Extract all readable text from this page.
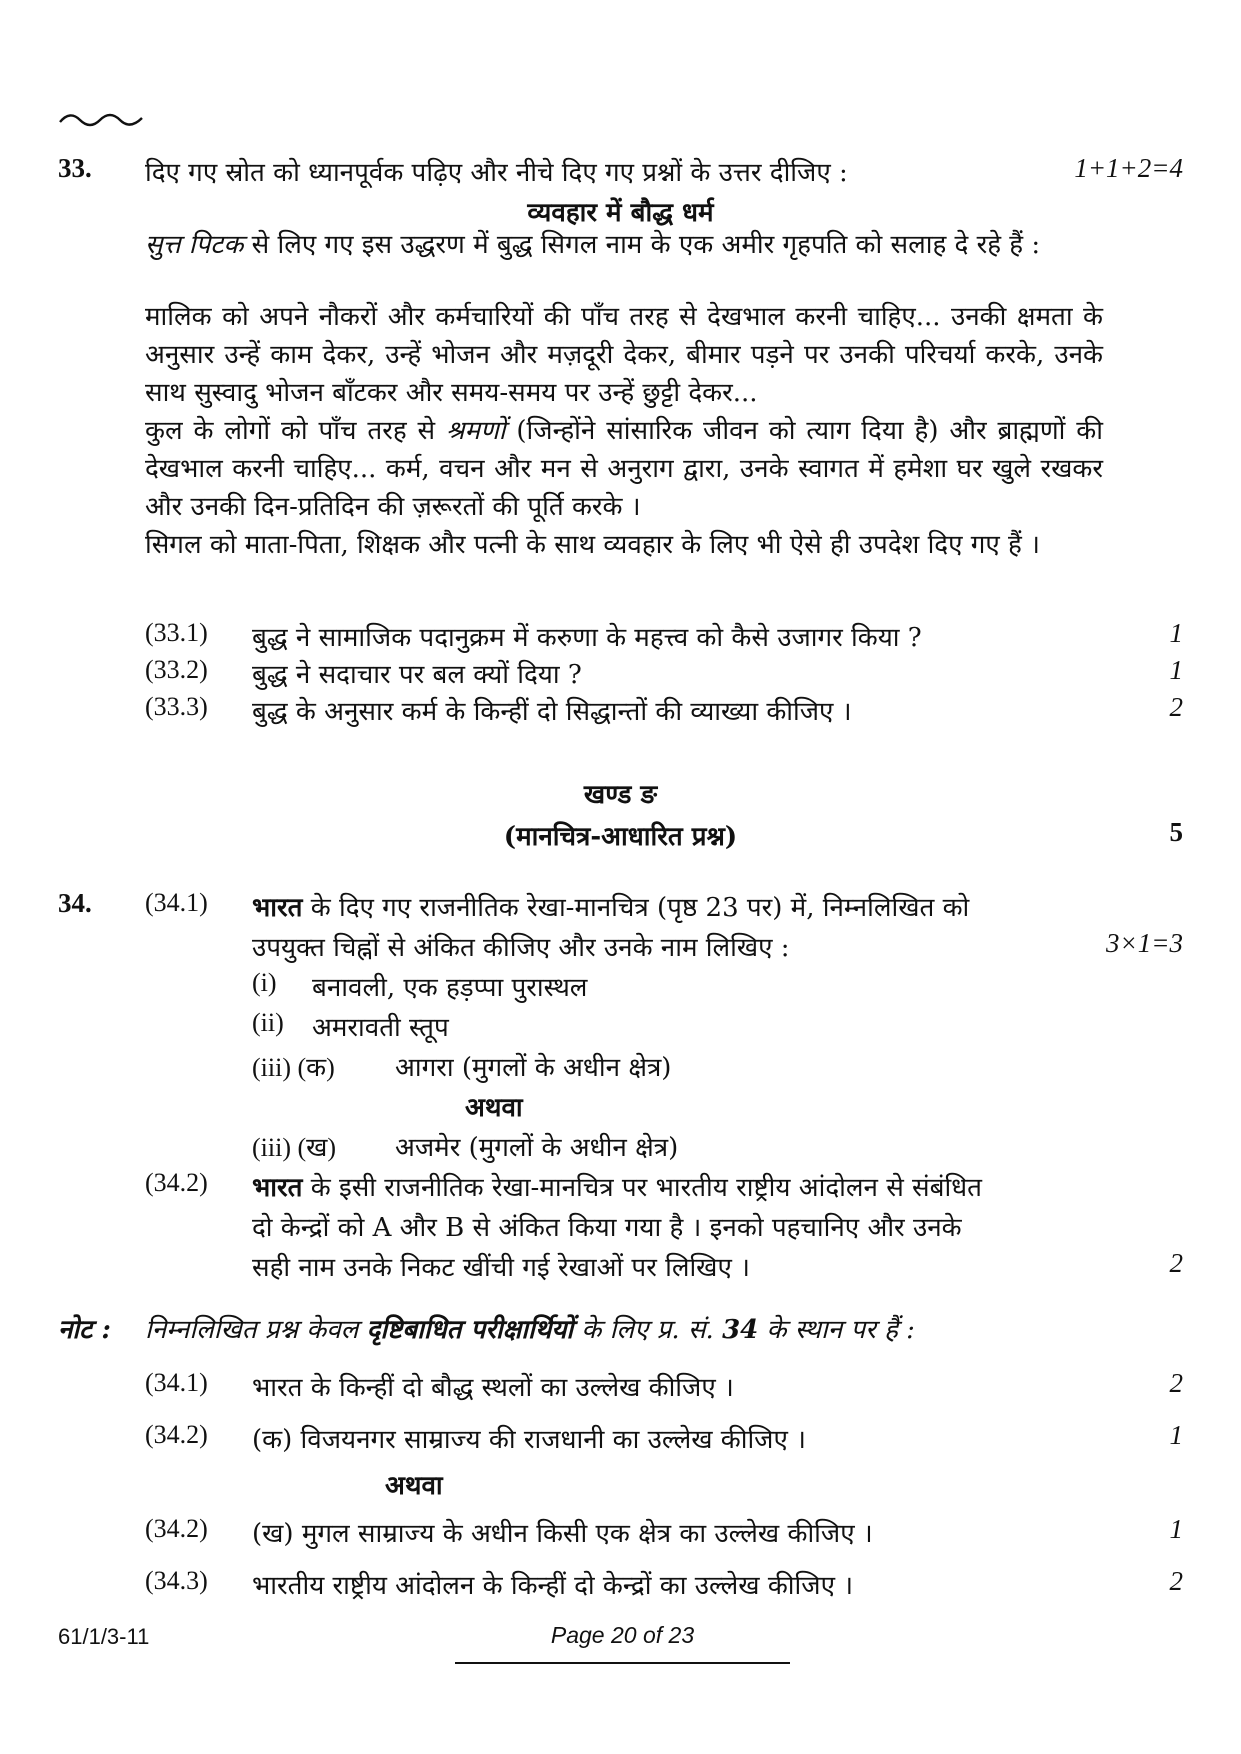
33. दिए गए स्रोत को ध्यानपूर्वक पढ़िए और नीचे दिए गए प्रश्नों के उत्तर दीजिए :	1+1+2=4
व्यवहार में बौद्ध धर्म
सुत्त पिटक से लिए गए इस उद्धरण में बुद्ध सिगल नाम के एक अमीर गृहपति को सलाह दे रहे हैं :
मालिक को अपने नौकरों और कर्मचारियों की पाँच तरह से देखभाल करनी चाहिए... उनकी क्षमता के अनुसार उन्हें काम देकर, उन्हें भोजन और मज़दूरी देकर, बीमार पड़ने पर उनकी परिचर्या करके, उनके साथ सुस्वादु भोजन बाँटकर और समय-समय पर उन्हें छुट्टी देकर...
कुल के लोगों को पाँच तरह से श्रमणों (जिन्होंने सांसारिक जीवन को त्याग दिया है) और ब्राह्मणों की देखभाल करनी चाहिए... कर्म, वचन और मन से अनुराग द्वारा, उनके स्वागत में हमेशा घर खुले रखकर और उनकी दिन-प्रतिदिन की ज़रूरतों की पूर्ति करके ।
सिगल को माता-पिता, शिक्षक और पत्नी के साथ व्यवहार के लिए भी ऐसे ही उपदेश दिए गए हैं ।
(33.1) बुद्ध ने सामाजिक पदानुक्रम में करुणा के महत्त्व को कैसे उजागर किया ?	1
(33.2) बुद्ध ने सदाचार पर बल क्यों दिया ?	1
(33.3) बुद्ध के अनुसार कर्म के किन्हीं दो सिद्धान्तों की व्याख्या कीजिए ।	2
खण्ड ङ
(मानचित्र-आधारित प्रश्न)	5
34. (34.1) भारत के दिए गए राजनीतिक रेखा-मानचित्र (पृष्ठ 23 पर) में, निम्नलिखित को
उपयुक्त चिह्नों से अंकित कीजिए और उनके नाम लिखिए :	3×1=3
(i) बनावली, एक हड़प्पा पुरास्थल
(ii) अमरावती स्तूप
(iii) (क) आगरा (मुगलों के अधीन क्षेत्र)
अथवा
(iii) (ख) अजमेर (मुगलों के अधीन क्षेत्र)
(34.2) भारत के इसी राजनीतिक रेखा-मानचित्र पर भारतीय राष्ट्रीय आंदोलन से संबंधित
दो केन्द्रों को A और B से अंकित किया गया है । इनको पहचानिए और उनके
सही नाम उनके निकट खींची गई रेखाओं पर लिखिए ।	2
नोट : निम्नलिखित प्रश्न केवल दृष्टिबाधित परीक्षार्थियों के लिए प्र. सं. 34 के स्थान पर हैं :
(34.1) भारत के किन्हीं दो बौद्ध स्थलों का उल्लेख कीजिए ।	2
(34.2) (क) विजयनगर साम्राज्य की राजधानी का उल्लेख कीजिए ।	1
अथवा
(34.2) (ख) मुगल साम्राज्य के अधीन किसी एक क्षेत्र का उल्लेख कीजिए ।	1
(34.3) भारतीय राष्ट्रीय आंदोलन के किन्हीं दो केन्द्रों का उल्लेख कीजिए ।	2
61/1/3-11	Page 20 of 23
